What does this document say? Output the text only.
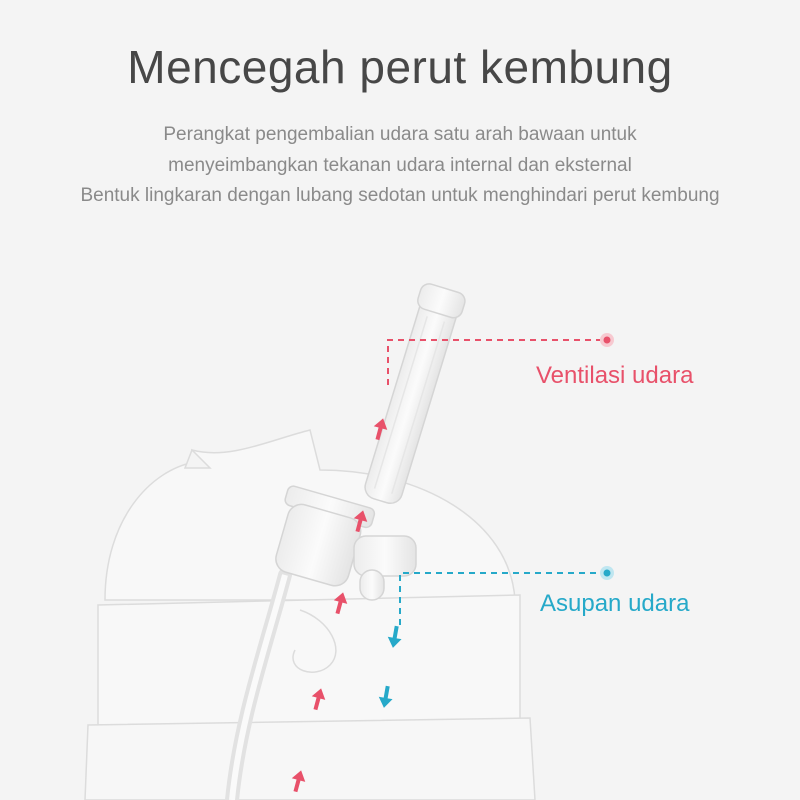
Mencegah perut kembung
Perangkat pengembalian udara satu arah bawaan untuk
menyeimbangkan tekanan udara internal dan eksternal
Bentuk lingkaran dengan lubang sedotan untuk menghindari perut kembung
Ventilasi udara
Asupan udara
